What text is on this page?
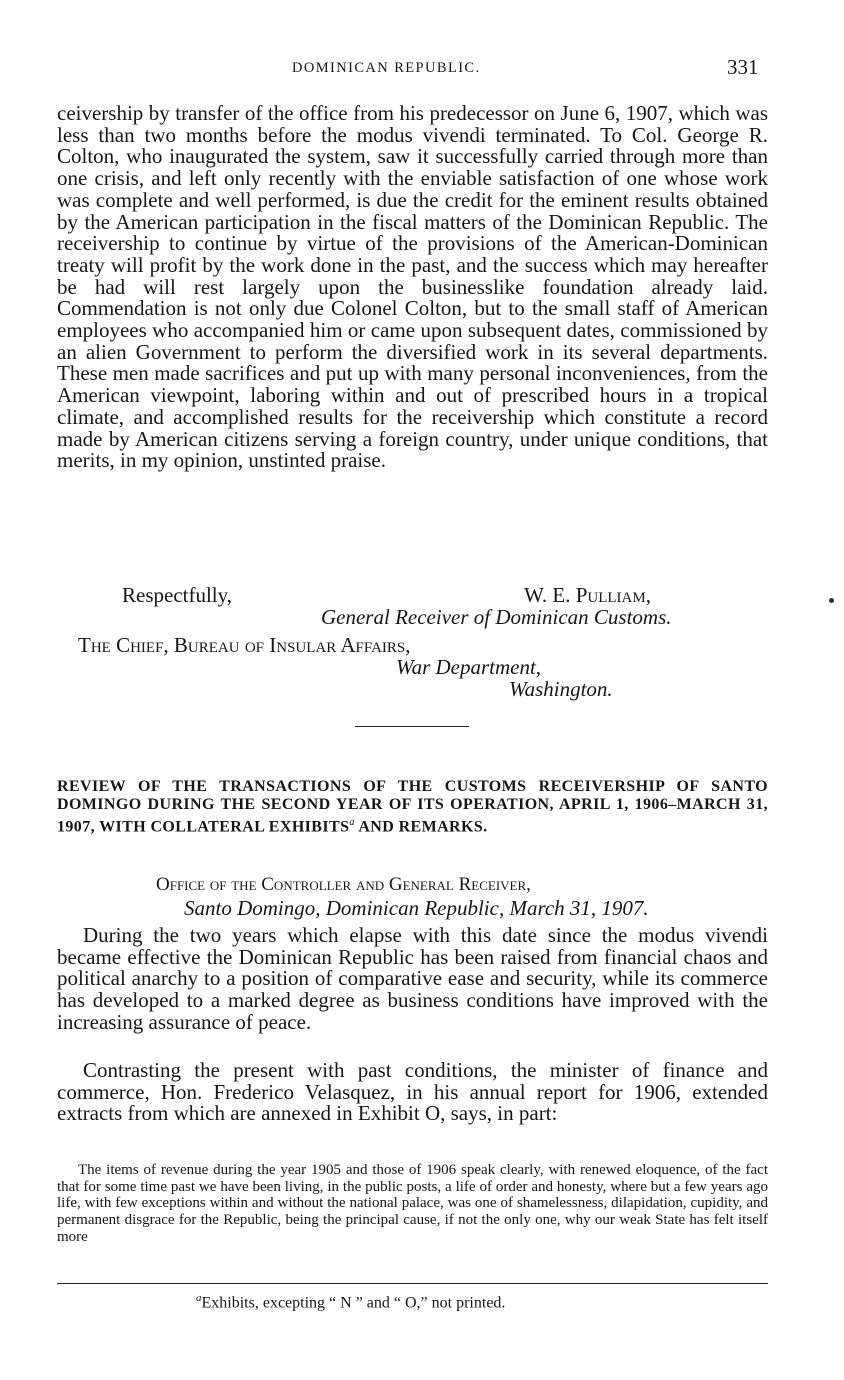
DOMINICAN REPUBLIC.	331

ceivership by transfer of the office from his predecessor on June 6, 1907, which was less than two months before the modus vivendi terminated. To Col. George R. Colton, who inaugurated the system, saw it successfully carried through more than one crisis, and left only recently with the enviable satisfaction of one whose work was complete and well performed, is due the credit for the eminent results obtained by the American participation in the fiscal matters of the Dominican Republic. The receivership to continue by virtue of the provisions of the American-Dominican treaty will profit by the work done in the past, and the success which may hereafter be had will rest largely upon the businesslike foundation already laid. Commendation is not only due Colonel Colton, but to the small staff of American employees who accompanied him or came upon subsequent dates, commissioned by an alien Government to perform the diversified work in its several departments. These men made sacrifices and put up with many personal inconveniences, from the American viewpoint, laboring within and out of prescribed hours in a tropical climate, and accomplished results for the receivership which constitute a record made by American citizens serving a foreign country, under unique conditions, that merits, in my opinion, unstinted praise.

Respectfully,	W. E. Pulliam,
General Receiver of Dominican Customs.
The Chief, Bureau of Insular Affairs,
War Department,
Washington.

REVIEW OF THE TRANSACTIONS OF THE CUSTOMS RECEIVERSHIP OF SANTO DOMINGO DURING THE SECOND YEAR OF ITS OPERATION, APRIL 1, 1906–MARCH 31, 1907, WITH COLLATERAL EXHIBITS$^a$ AND REMARKS.

Office of the Controller and General Receiver,
Santo Domingo, Dominican Republic, March 31, 1907.

During the two years which elapse with this date since the modus vivendi became effective the Dominican Republic has been raised from financial chaos and political anarchy to a position of comparative ease and security, while its commerce has developed to a marked degree as business conditions have improved with the increasing assurance of peace.

Contrasting the present with past conditions, the minister of finance and commerce, Hon. Frederico Velasquez, in his annual report for 1906, extended extracts from which are annexed in Exhibit O, says, in part:

The items of revenue during the year 1905 and those of 1906 speak clearly, with renewed eloquence, of the fact that for some time past we have been living, in the public posts, a life of order and honesty, where but a few years ago life, with few exceptions within and without the national palace, was one of shamelessness, dilapidation, cupidity, and permanent disgrace for the Republic, being the principal cause, if not the only one, why our weak State has felt itself more

$^a$Exhibits, excepting “ N ” and “ O,” not printed.
